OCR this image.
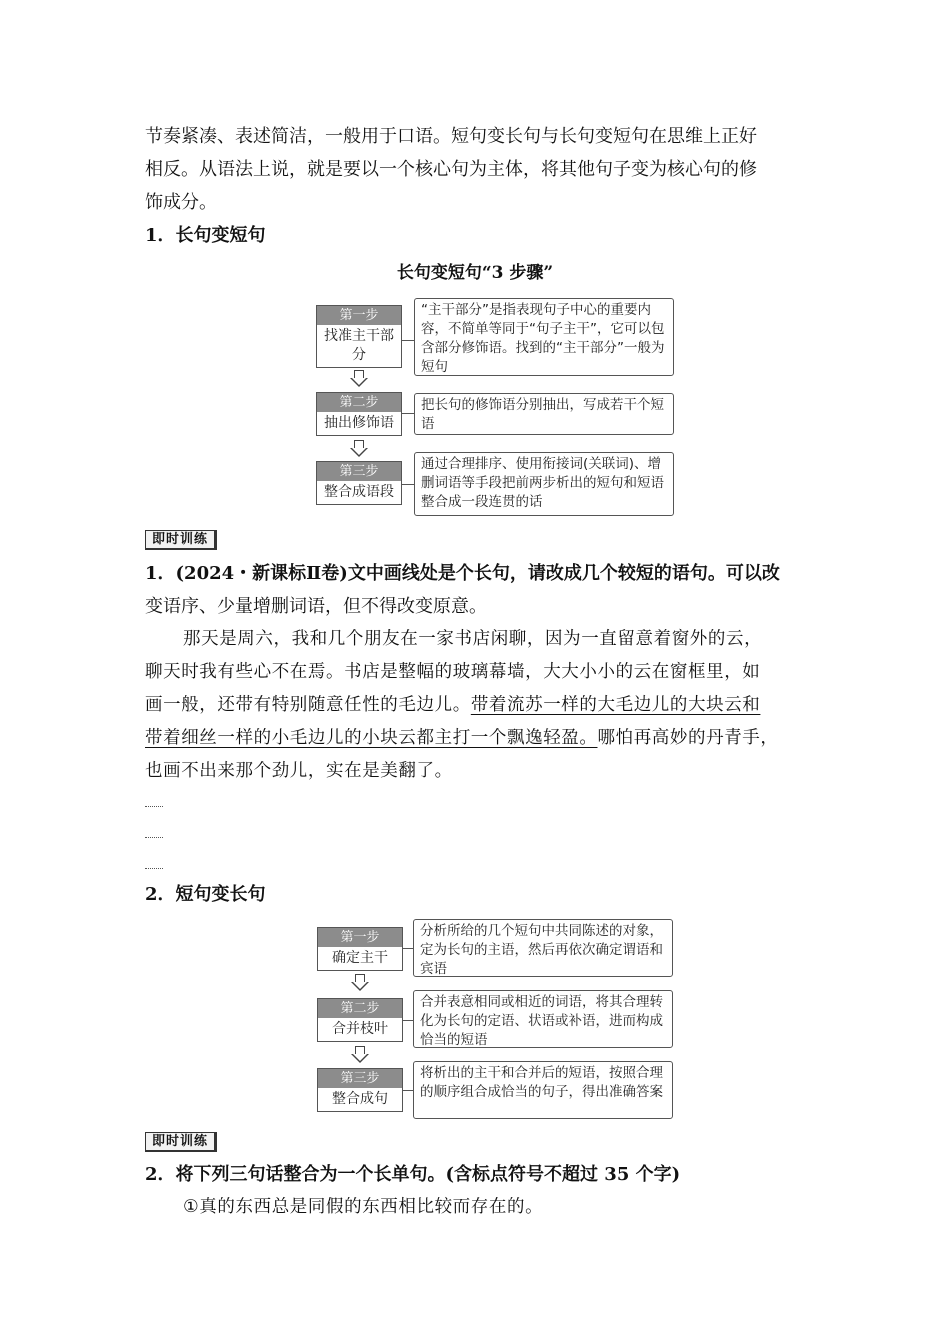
节奏紧凑、表述简洁，一般用于口语。短句变长句与长句变短句在思维上正好

相反。从语法上说，就是要以一个核心句为主体，将其他句子变为核心句的修

饰成分。

1．长句变短句

长句变短句“3 步骤”
第一步
找准主干部分
“主干部分”是指表现句子中心的重要内容，不简单等同于“句子主干”，它可以包含部分修饰语。找到的“主干部分”一般为短句
第二步
抽出修饰语
把长句的修饰语分别抽出，写成若干个短语
第三步
整合成语段
通过合理排序、使用衔接词(关联词)、增删词语等手段把前两步析出的短句和短语整合成一段连贯的话
即时训练

1．(2024・新课标Ⅱ卷)文中画线处是个长句，请改成几个较短的语句。可以改

变语序、少量增删词语，但不得改变原意。

那天是周六，我和几个朋友在一家书店闲聊，因为一直留意着窗外的云，

聊天时我有些心不在焉。书店是整幅的玻璃幕墙，大大小小的云在窗框里，如

画一般，还带有特别随意任性的毛边儿。带着流苏一样的大毛边儿的大块云和

带着细丝一样的小毛边儿的小块云都主打一个飘逸轻盈。哪怕再高妙的丹青手，

也画不出来那个劲儿，实在是美翻了。

2．短句变长句

第一步
确定主干
分析所给的几个短句中共同陈述的对象，定为长句的主语，然后再依次确定谓语和宾语
第二步
合并枝叶
合并表意相同或相近的词语，将其合理转化为长句的定语、状语或补语，进而构成恰当的短语
第三步
整合成句
将析出的主干和合并后的短语，按照合理的顺序组合成恰当的句子，得出准确答案
即时训练

2．将下列三句话整合为一个长单句。(含标点符号不超过 35 个字)

①真的东西总是同假的东西相比较而存在的。
